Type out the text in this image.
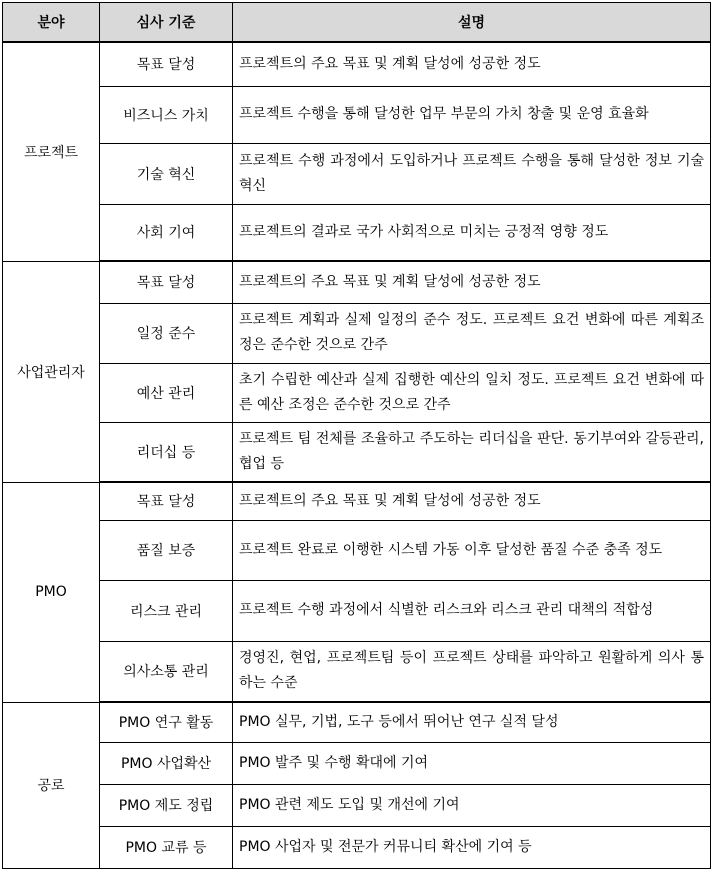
분야	심사 기준	설명
프로젝트	목표 달성	프로젝트의 주요 목표 및 계획 달성에 성공한 정도
	비즈니스 가치	프로젝트 수행을 통해 달성한 업무 부문의 가치 창출 및 운영 효율화
	기술 혁신	프로젝트 수행 과정에서 도입하거나 프로젝트 수행을 통해 달성한 정보 기술 혁신
	사회 기여	프로젝트의 결과로 국가 사회적으로 미치는 긍정적 영향 정도
사업관리자	목표 달성	프로젝트의 주요 목표 및 계획 달성에 성공한 정도
	일정 준수	프로젝트 계획과 실제 일정의 준수 정도. 프로젝트 요건 변화에 따른 계획조정은 준수한 것으로 간주
	예산 관리	초기 수립한 예산과 실제 집행한 예산의 일치 정도. 프로젝트 요건 변화에 따른 예산 조정은 준수한 것으로 간주
	리더십 등	프로젝트 팀 전체를 조율하고 주도하는 리더십을 판단. 동기부여와 갈등관리, 협업 등
PMO	목표 달성	프로젝트의 주요 목표 및 계획 달성에 성공한 정도
	품질 보증	프로젝트 완료로 이행한 시스템 가동 이후 달성한 품질 수준 충족 정도
	리스크 관리	프로젝트 수행 과정에서 식별한 리스크와 리스크 관리 대책의 적합성
	의사소통 관리	경영진, 현업, 프로젝트팀 등이 프로젝트 상태를 파악하고 원활하게 의사 통하는 수준
공로	PMO 연구 활동	PMO 실무, 기법, 도구 등에서 뛰어난 연구 실적 달성
	PMO 사업확산	PMO 발주 및 수행 확대에 기여
	PMO 제도 정립	PMO 관련 제도 도입 및 개선에 기여
	PMO 교류 등	PMO 사업자 및 전문가 커뮤니티 확산에 기여 등
